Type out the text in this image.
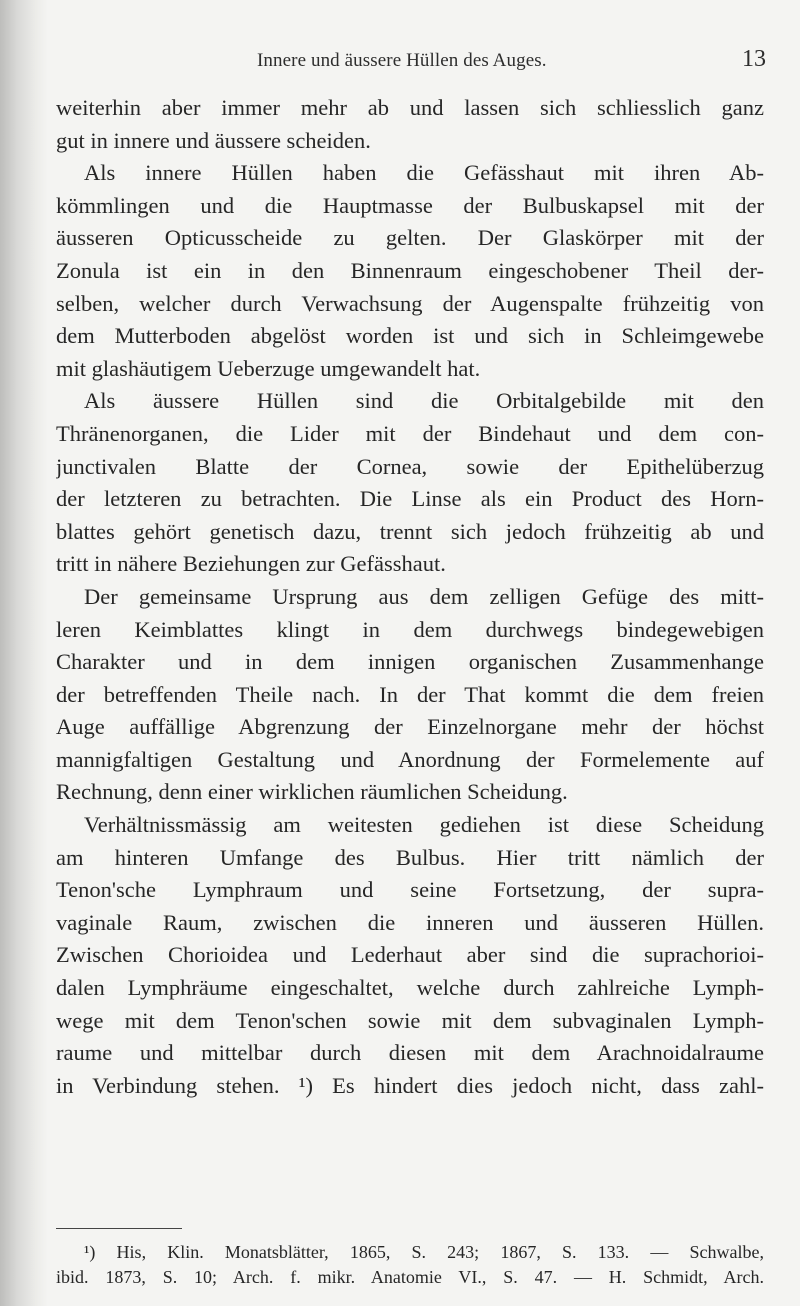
Innere und äussere Hüllen des Auges.	13
weiterhin aber immer mehr ab und lassen sich schliesslich ganz
gut in innere und äussere scheiden.
Als innere Hüllen haben die Gefässhaut mit ihren Ab-
kömmlingen und die Hauptmasse der Bulbuskapsel mit der
äusseren Opticusscheide zu gelten. Der Glaskörper mit der
Zonula ist ein in den Binnenraum eingeschobener Theil der-
selben, welcher durch Verwachsung der Augenspalte frühzeitig von
dem Mutterboden abgelöst worden ist und sich in Schleimgewebe
mit glashäutigem Ueberzuge umgewandelt hat.
Als äussere Hüllen sind die Orbitalgebilde mit den
Thränenorganen, die Lider mit der Bindehaut und dem con-
junctivalen Blatte der Cornea, sowie der Epithelüberzug
der letzteren zu betrachten. Die Linse als ein Product des Horn-
blattes gehört genetisch dazu, trennt sich jedoch frühzeitig ab und
tritt in nähere Beziehungen zur Gefässhaut.
Der gemeinsame Ursprung aus dem zelligen Gefüge des mitt-
leren Keimblattes klingt in dem durchwegs bindegewebigen
Charakter und in dem innigen organischen Zusammenhange
der betreffenden Theile nach. In der That kommt die dem freien
Auge auffällige Abgrenzung der Einzelnorgane mehr der höchst
mannigfaltigen Gestaltung und Anordnung der Formelemente auf
Rechnung, denn einer wirklichen räumlichen Scheidung.
Verhältnissmässig am weitesten gediehen ist diese Scheidung
am hinteren Umfange des Bulbus. Hier tritt nämlich der
Tenon'sche Lymphraum und seine Fortsetzung, der supra-
vaginale Raum, zwischen die inneren und äusseren Hüllen.
Zwischen Chorioidea und Lederhaut aber sind die suprachorioi-
dalen Lymphräume eingeschaltet, welche durch zahlreiche Lymph-
wege mit dem Tenon'schen sowie mit dem subvaginalen Lymph-
raume und mittelbar durch diesen mit dem Arachnoidalraume
in Verbindung stehen. ¹) Es hindert dies jedoch nicht, dass zahl-
¹) His, Klin. Monatsblätter, 1865, S. 243; 1867, S. 133. — Schwalbe,
ibid. 1873, S. 10; Arch. f. mikr. Anatomie VI., S. 47. — H. Schmidt, Arch.
